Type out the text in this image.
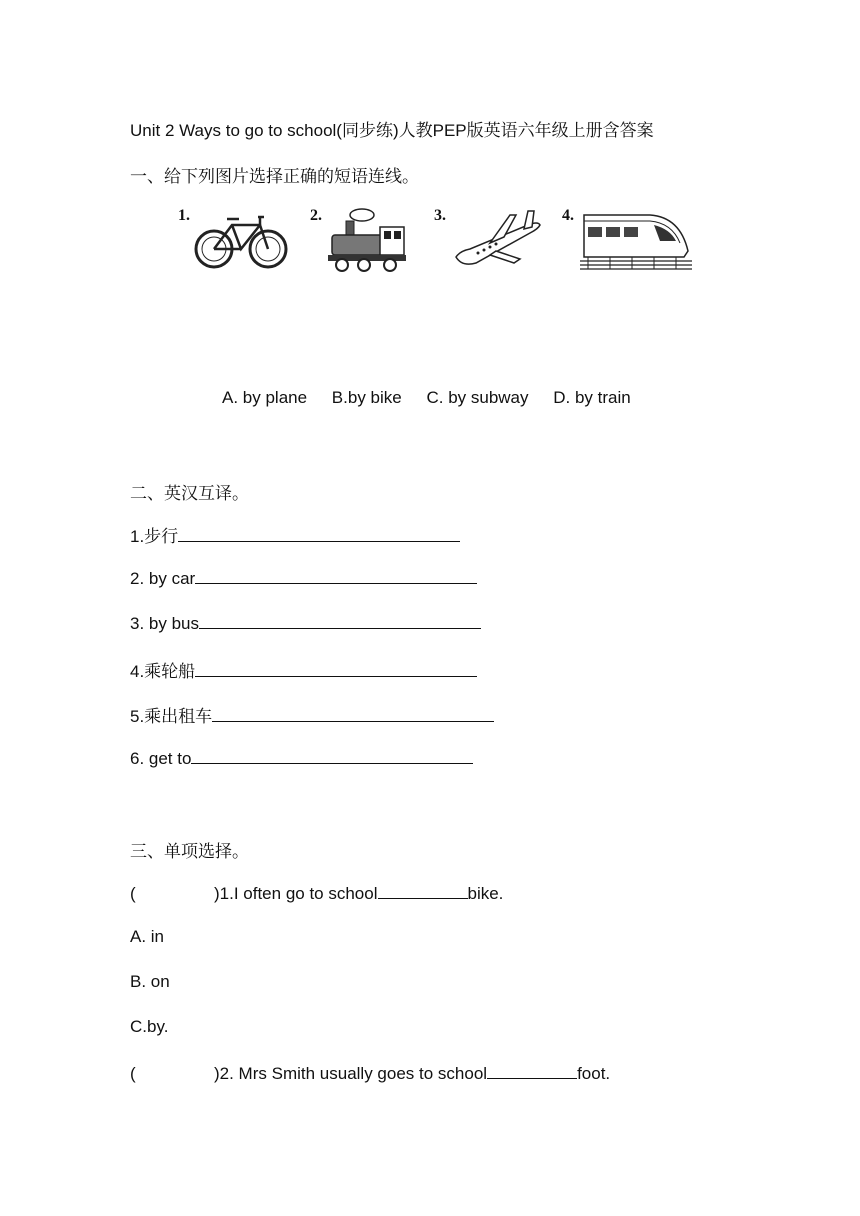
Unit 2 Ways to go to school(同步练)人教PEP版英语六年级上册含答案
一、给下列图片选择正确的短语连线。
1.	2.	3.	4.
A. by plane B.by bike C. by subway D. by train
二、英汉互译。
1.步行
2. by car
3. by bus
4.乘轮船
5.乘出租车
6. get to
三、单项选择。
(	)1.I often go to school	bike.
A. in
B. on
C.by.
(	)2. Mrs Smith usually goes to school	foot.
